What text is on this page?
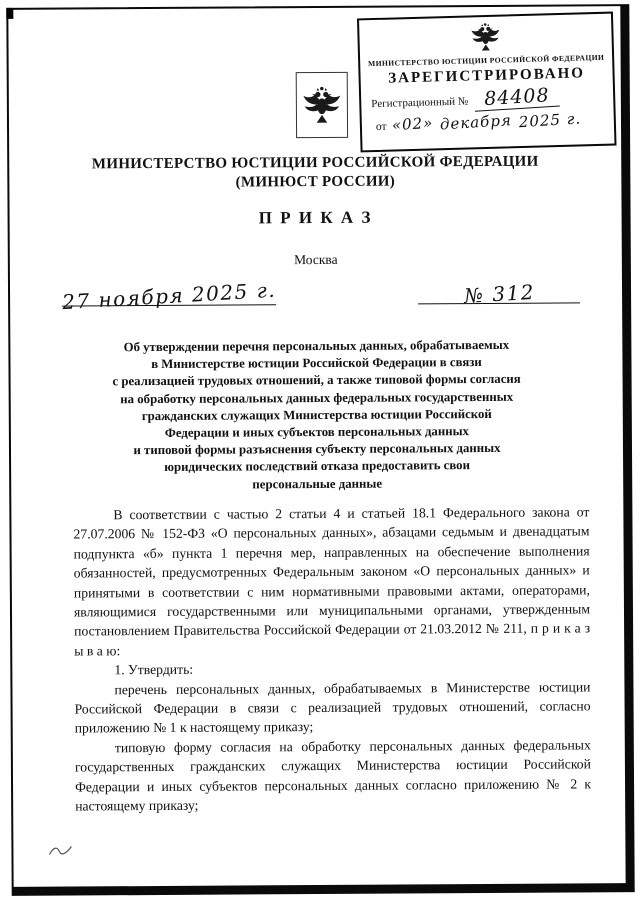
МИНИСТЕРСТВО ЮСТИЦИИ РОССИЙСКОЙ ФЕДЕРАЦИИ
ЗАРЕГИСТРИРОВАНО
Регистрационный № 84408
от «02» декабря 2025 г.
МИНИСТЕРСТВО ЮСТИЦИИ РОССИЙСКОЙ ФЕДЕРАЦИИ
(МИНЮСТ РОССИИ)
П Р И К А З
Москва
27 ноября 2025 г.	№ 312
Об утверждении перечня персональных данных, обрабатываемых
в Министерстве юстиции Российской Федерации в связи
с реализацией трудовых отношений, а также типовой формы согласия
на обработку персональных данных федеральных государственных
гражданских служащих Министерства юстиции Российской
Федерации и иных субъектов персональных данных
и типовой формы разъяснения субъекту персональных данных
юридических последствий отказа предоставить свои
персональные данные

В соответствии с частью 2 статьи 4 и статьей 18.1 Федерального закона от 27.07.2006 № 152-ФЗ «О персональных данных», абзацами седьмым и двенадцатым подпункта «б» пункта 1 перечня мер, направленных на обеспечение выполнения обязанностей, предусмотренных Федеральным законом «О персональных данных» и принятыми в соответствии с ним нормативными правовыми актами, операторами, являющимися государственными или муниципальными органами, утвержденным постановлением Правительства Российской Федерации от 21.03.2012 № 211, п р и к а з ы в а ю:

1. Утвердить:

перечень персональных данных, обрабатываемых в Министерстве юстиции Российской Федерации в связи с реализацией трудовых отношений, согласно приложению № 1 к настоящему приказу;

типовую форму согласия на обработку персональных данных федеральных государственных гражданских служащих Министерства юстиции Российской Федерации и иных субъектов персональных данных согласно приложению № 2 к настоящему приказу;
